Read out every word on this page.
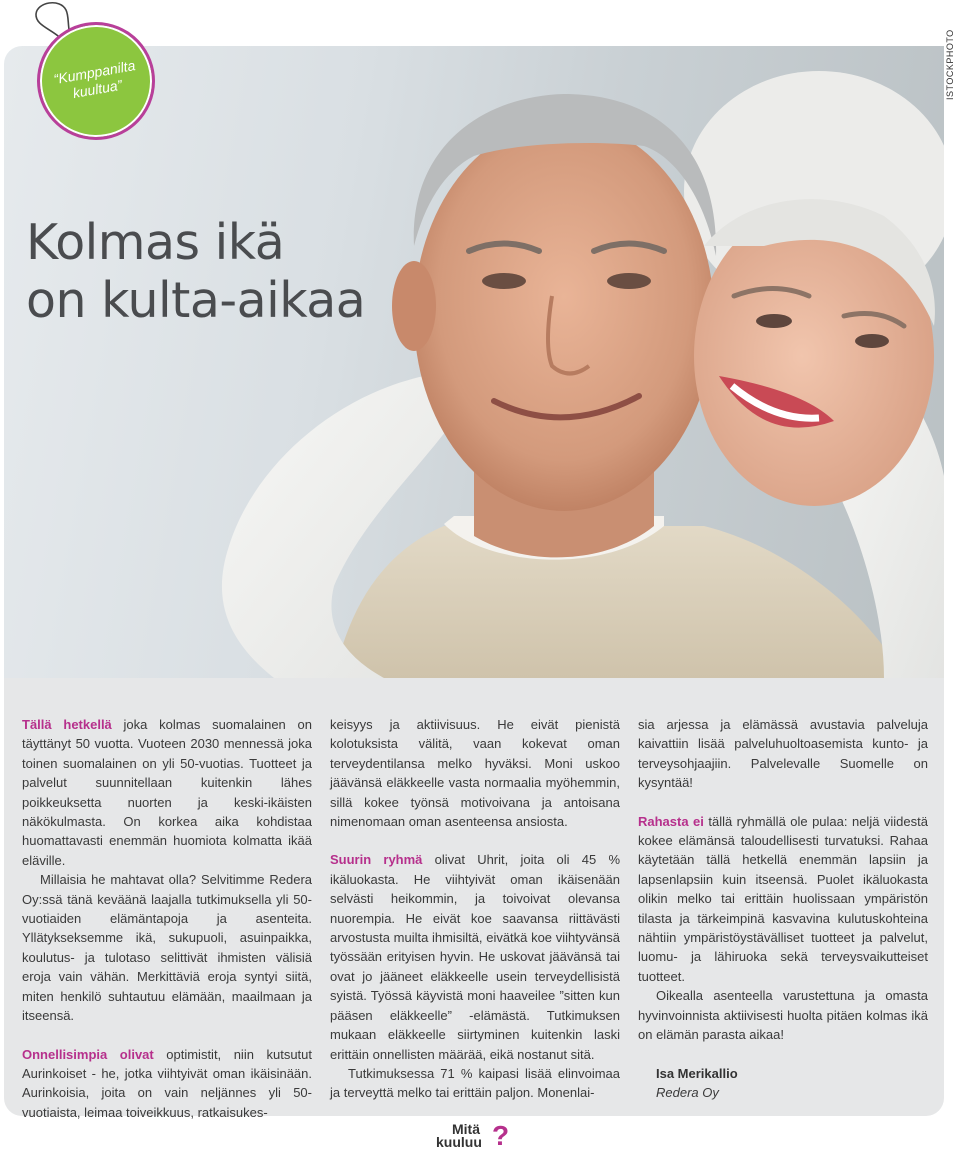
Kolmas ikä
on kulta-aikaa
“Kumppanilta
kuultua”	ISTOCKPHOTO

Tällä hetkellä joka kolmas suomalainen on täyttänyt 50 vuotta. Vuoteen 2030 mennessä joka toinen suomalainen on yli 50-vuotias. Tuotteet ja palvelut suunnitellaan kuitenkin lähes poikkeuksetta nuorten ja keski-ikäisten näkökulmasta. On korkea aika kohdistaa huomattavasti enemmän huomiota kolmatta ikää eläville.

Millaisia he mahtavat olla? Selvitimme Redera Oy:ssä tänä keväänä laajalla tutkimuksella yli 50-vuotiaiden elämäntapoja ja asenteita. Yllätykseksemme ikä, sukupuoli, asuinpaikka, koulutus- ja tulotaso selittivät ihmisten välisiä eroja vain vähän. Merkittäviä eroja syntyi siitä, miten henkilö suhtautuu elämään, maailmaan ja itseensä.

Onnellisimpia olivat optimistit, niin kutsutut Aurinkoiset - he, jotka viihtyivät oman ikäisinään. Aurinkoisia, joita on vain neljännes yli 50-vuotiaista, leimaa toiveikkuus, ratkaisukes-

keisyys ja aktiivisuus. He eivät pienistä kolotuksista välitä, vaan kokevat oman terveydentilansa melko hyväksi. Moni uskoo jäävänsä eläkkeelle vasta normaalia myöhemmin, sillä kokee työnsä motivoivana ja antoisana nimenomaan oman asenteensa ansiosta.

Suurin ryhmä olivat Uhrit, joita oli 45 % ikäluokasta. He viihtyivät oman ikäisenään selvästi heikommin, ja toivoivat olevansa nuorempia. He eivät koe saavansa riittävästi arvostusta muilta ihmisiltä, eivätkä koe viihtyvänsä työssään erityisen hyvin. He uskovat jäävänsä tai ovat jo jääneet eläkkeelle usein terveydellisistä syistä. Työssä käyvistä moni haaveilee ”sitten kun pääsen eläkkeelle” -elämästä. Tutkimuksen mukaan eläkkeelle siirtyminen kuitenkin laski erittäin onnellisten määrää, eikä nostanut sitä.

Tutkimuksessa 71 % kaipasi lisää elinvoimaa ja terveyttä melko tai erittäin paljon. Monenlai-

sia arjessa ja elämässä avustavia palveluja kaivattiin lisää palveluhuoltoasemista kunto- ja terveysohjaajiin. Palvelevalle Suomelle on kysyntää!

Rahasta ei tällä ryhmällä ole pulaa: neljä viidestä kokee elämänsä taloudellisesti turvatuksi. Rahaa käytetään tällä hetkellä enemmän lapsiin ja lapsenlapsiin kuin itseensä. Puolet ikäluokasta olikin melko tai erittäin huolissaan ympäristön tilasta ja tärkeimpinä kasvavina kulutuskohteina nähtiin ympäristöystävälliset tuotteet ja palvelut, luomu- ja lähiruoka sekä terveysvaikutteiset tuotteet.

Oikealla asenteella varustettuna ja omasta hyvinvoinnista aktiivisesti huolta pitäen kolmas ikä on elämän parasta aikaa!

Isa Merikallio

Redera Oy

Mitä
kuuluu ?
